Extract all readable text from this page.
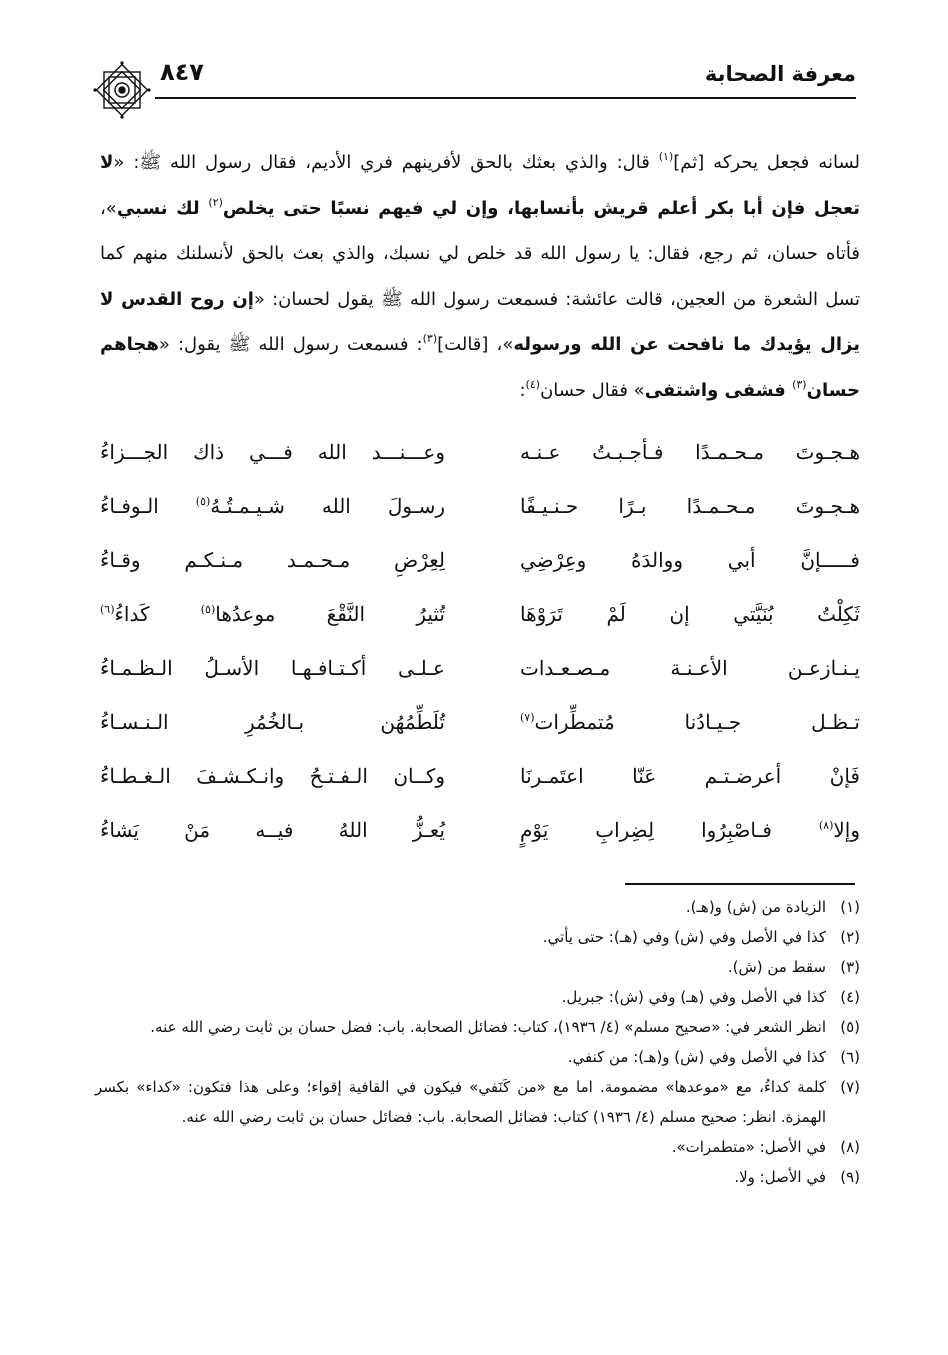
معرفة الصحابة
٨٤٧
لسانه فجعل يحركه [ثم]$^{(١)}$ قال: والذي بعثك بالحق لأفرينهم فري الأديم، فقال رسول الله ﷺ: «لا تعجل فإن أبا بكر أعلم قريش بأنسابها، وإن لي فيهم نسبًا حتى يخلص$^{(٢)}$ لك نسبي»، فأتاه حسان، ثم رجع، فقال: يا رسول الله قد خلص لي نسبك، والذي بعث بالحق لأنسلنك منهم كما تسل الشعرة من العجين، قالت عائشة: فسمعت رسول الله ﷺ يقول لحسان: «إن روح القدس لا يزال يؤيدك ما نافحت عن الله ورسوله»، [قالت]$^{(٣)}$: فسمعت رسول الله ﷺ يقول: «هجاهم حسان$^{(٣)}$ فشفى واشتفى» فقال حسان$^{(٤)}$:
هـجـوتَ مـحـمـدًا فـأجـبـتُ عـنـه
وعـــنـــد الله فـــي ذاك الجـــزاءُ
هـجـوتَ مـحـمـدًا بـرًا حـنـيـفًا
رسـولَ الله شـيـمـتُـهُ$^{(٥)}$ الـوفـاءُ
فـــــإنَّ أبي ووالدَهُ وعِرْضِي
لِعِرْضِ مـحـمـد مـنـكـم وقـاءُ
ثَكِلْتُ بُنَيَّتي إن لَمْ تَرَوْهَا
تُثيرُ النَّقْعَ موعدُها$^{(٥)}$ كَداءُ$^{(٦)}$
يـنـازعـن الأعـنـة مـصـعـدات
عـلـى أكـتـافـهـا الأسـلُ الـظـمـاءُ
تـظـل جـيـادُنا مُتمطِّرات$^{(٧)}$
تُلَطِّمُهُن بـالخُمُرِ الـنـسـاءُ
فَإنْ أعرضـتـم عَنّا اعتَمـرنَا
وكــان الـفـتـحُ وانـكـشـفَ الـغـطـاءُ
وإلا$^{(٨)}$ فـاصْبِرُوا لِضِرابِ يَوْمٍ
يُعـزُّ اللهُ فيــه مَنْ يَشاءُ
(١)
الزيادة من (ش) و(هـ).
(٢)
كذا في الأصل وفي (ش) وفي (هـ): حتى يأتي.
(٣)
سقط من (ش).
(٤)
كذا في الأصل وفي (هـ) وفي (ش): جبريل.
(٥)
انظر الشعر في: «صحيح مسلم» (٤/ ١٩٣٦)، كتاب: فضائل الصحابة. باب: فضل حسان بن ثابت رضي الله عنه.
(٦)
كذا في الأصل وفي (ش) و(هـ): من كنفي.
(٧)
كلمة كداءُ، مع «موعدها» مضمومة. اما مع «من كَنَفي» فيكون في القافية إقواء؛ وعلى هذا فتكون: «كداء» بكسر الهمزة. انظر: صحيح مسلم (٤/ ١٩٣٦) كتاب: فضائل الصحابة. باب: فضائل حسان بن ثابت رضي الله عنه.
(٨)
في الأصل: «متطمرات».
(٩)
في الأصل: ولا.
